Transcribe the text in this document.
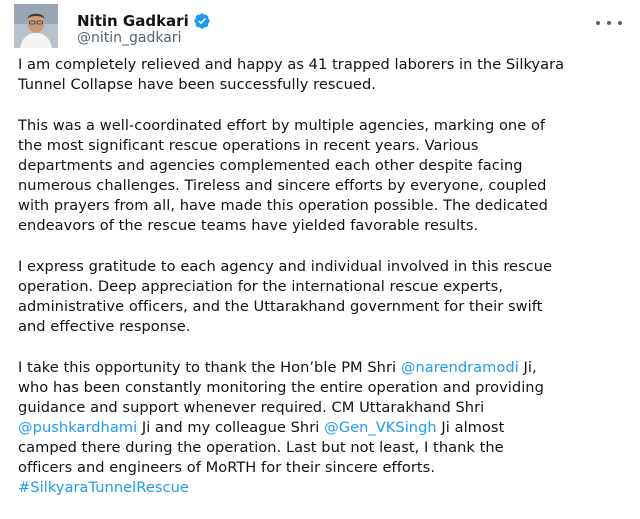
Nitin Gadkari
@nitin_gadkari
I am completely relieved and happy as 41 trapped laborers in the Silkyara
Tunnel Collapse have been successfully rescued.
This was a well-coordinated effort by multiple agencies, marking one of
the most significant rescue operations in recent years. Various
departments and agencies complemented each other despite facing
numerous challenges. Tireless and sincere efforts by everyone, coupled
with prayers from all, have made this operation possible. The dedicated
endeavors of the rescue teams have yielded favorable results.
I express gratitude to each agency and individual involved in this rescue
operation. Deep appreciation for the international rescue experts,
administrative officers, and the Uttarakhand government for their swift
and effective response.
I take this opportunity to thank the Hon’ble PM Shri @narendramodi Ji,
who has been constantly monitoring the entire operation and providing
guidance and support whenever required. CM Uttarakhand Shri
@pushkardhami Ji and my colleague Shri @Gen_VKSingh Ji almost
camped there during the operation. Last but not least, I thank the
officers and engineers of MoRTH for their sincere efforts.
#SilkyaraTunnelRescue
